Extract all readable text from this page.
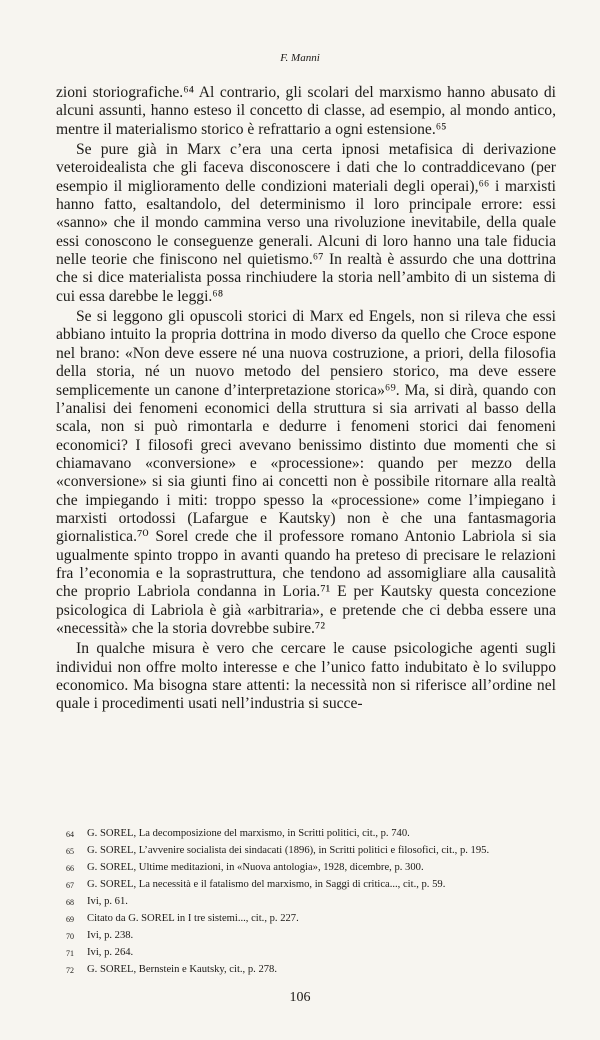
F. Manni

zioni storiografiche.⁶⁴ Al contrario, gli scolari del marxismo hanno abusato di alcuni assunti, hanno esteso il concetto di classe, ad esempio, al mondo antico, mentre il materialismo storico è refrattario a ogni estensione.⁶⁵

Se pure già in Marx c’era una certa ipnosi metafisica di derivazione veteroidealista che gli faceva disconoscere i dati che lo contraddicevano (per esempio il miglioramento delle condizioni materiali degli operai),⁶⁶ i marxisti hanno fatto, esaltandolo, del determinismo il loro principale errore: essi «sanno» che il mondo cammina verso una rivoluzione inevitabile, della quale essi conoscono le conseguenze generali. Alcuni di loro hanno una tale fiducia nelle teorie che finiscono nel quietismo.⁶⁷ In realtà è assurdo che una dottrina che si dice materialista possa rinchiudere la storia nell’ambito di un sistema di cui essa darebbe le leggi.⁶⁸

Se si leggono gli opuscoli storici di Marx ed Engels, non si rileva che essi abbiano intuito la propria dottrina in modo diverso da quello che Croce espone nel brano: «Non deve essere né una nuova costruzione, a priori, della filosofia della storia, né un nuovo metodo del pensiero storico, ma deve essere semplicemente un canone d’interpretazione storica»⁶⁹. Ma, si dirà, quando con l’analisi dei fenomeni economici della struttura si sia arrivati al basso della scala, non si può rimontarla e dedurre i fenomeni storici dai fenomeni economici? I filosofi greci avevano benissimo distinto due momenti che si chiamavano «conversione» e «processione»: quando per mezzo della «conversione» si sia giunti fino ai concetti non è possibile ritornare alla realtà che impiegando i miti: troppo spesso la «processione» come l’impiegano i marxisti ortodossi (Lafargue e Kautsky) non è che una fantasmagoria giornalistica.⁷⁰ Sorel crede che il professore romano Antonio Labriola si sia ugualmente spinto troppo in avanti quando ha preteso di precisare le relazioni fra l’economia e la soprastruttura, che tendono ad assomigliare alla causalità che proprio Labriola condanna in Loria.⁷¹ E per Kautsky questa concezione psicologica di Labriola è già «arbitraria», e pretende che ci debba essere una «necessità» che la storia dovrebbe subire.⁷²

In qualche misura è vero che cercare le cause psicologiche agenti sugli individui non offre molto interesse e che l’unico fatto indubitato è lo sviluppo economico. Ma bisogna stare attenti: la necessità non si riferisce all’ordine nel quale i procedimenti usati nell’industria si succe-

64	G. SOREL, La decomposizione del marxismo, in Scritti politici, cit., p. 740.
65	G. SOREL, L’avvenire socialista dei sindacati (1896), in Scritti politici e filosofici, cit., p. 195.
66	G. SOREL, Ultime meditazioni, in «Nuova antologia», 1928, dicembre, p. 300.
67	G. SOREL, La necessità e il fatalismo del marxismo, in Saggi di critica..., cit., p. 59.
68	Ivi, p. 61.
69	Citato da G. SOREL in I tre sistemi..., cit., p. 227.
70	Ivi, p. 238.
71	Ivi, p. 264.
72	G. SOREL, Bernstein e Kautsky, cit., p. 278.
106
